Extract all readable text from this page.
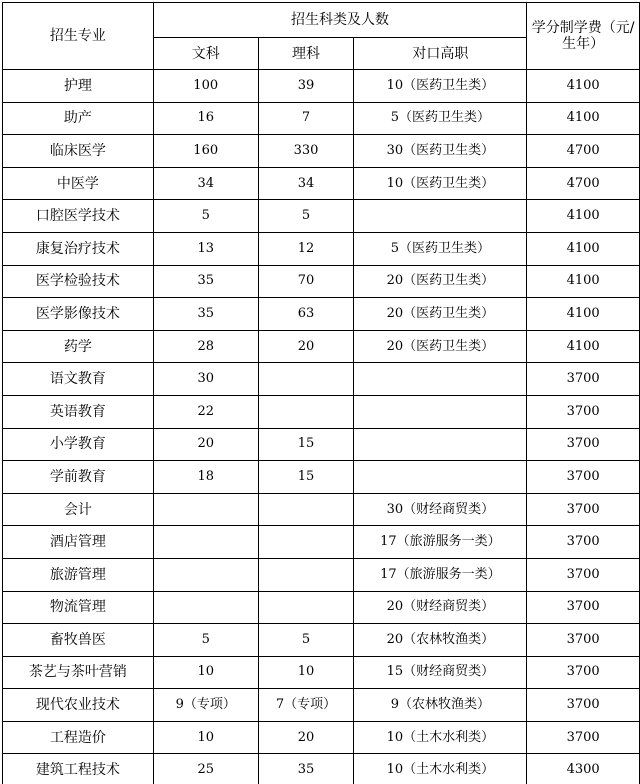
招生专业	招生科类及人数			学分制学费（元/
生年）
	文科	理科	对口高职	
护理	100	39	10（医药卫生类）	4100
助产	16	7	5（医药卫生类）	4100
临床医学	160	330	30（医药卫生类）	4700
中医学	34	34	10（医药卫生类）	4700
口腔医学技术	5	5		4100
康复治疗技术	13	12	5（医药卫生类）	4100
医学检验技术	35	70	20（医药卫生类）	4100
医学影像技术	35	63	20（医药卫生类）	4100
药学	28	20	20（医药卫生类）	4100
语文教育	30			3700
英语教育	22			3700
小学教育	20	15		3700
学前教育	18	15		3700
会计			30（财经商贸类）	3700
酒店管理			17（旅游服务一类）	3700
旅游管理			17（旅游服务一类）	3700
物流管理			20（财经商贸类）	3700
畜牧兽医	5	5	20（农林牧渔类）	3700
茶艺与茶叶营销	10	10	15（财经商贸类）	3700
现代农业技术	9（专项）	7（专项）	9（农林牧渔类）	3700
工程造价	10	20	10（土木水利类）	3700
建筑工程技术	25	35	10（土木水利类）	4300
